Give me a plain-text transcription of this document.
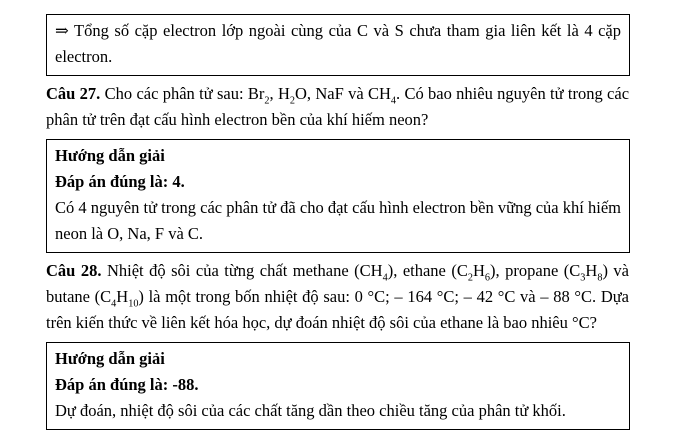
⇒ Tổng số cặp electron lớp ngoài cùng của C và S chưa tham gia liên kết là 4 cặp electron.

Câu 27. Cho các phân tử sau: $Br_2$, $H_2O$, NaF và $CH_4$. Có bao nhiêu nguyên tử trong các phân tử trên đạt cấu hình electron bền của khí hiếm neon?

Hướng dẫn giải

Đáp án đúng là: 4.

Có 4 nguyên tử trong các phân tử đã cho đạt cấu hình electron bền vững của khí hiếm neon là O, Na, F và C.

Câu 28. Nhiệt độ sôi của từng chất methane $(CH_4)$, ethane $(C_2H_6)$, propane $(C_3H_8)$ và butane $(C_4H_{10})$ là một trong bốn nhiệt độ sau: 0 °C; – 164 °C; – 42 °C và – 88 °C. Dựa trên kiến thức về liên kết hóa học, dự đoán nhiệt độ sôi của ethane là bao nhiêu °C?

Hướng dẫn giải

Đáp án đúng là: -88.

Dự đoán, nhiệt độ sôi của các chất tăng dần theo chiều tăng của phân tử khối.
